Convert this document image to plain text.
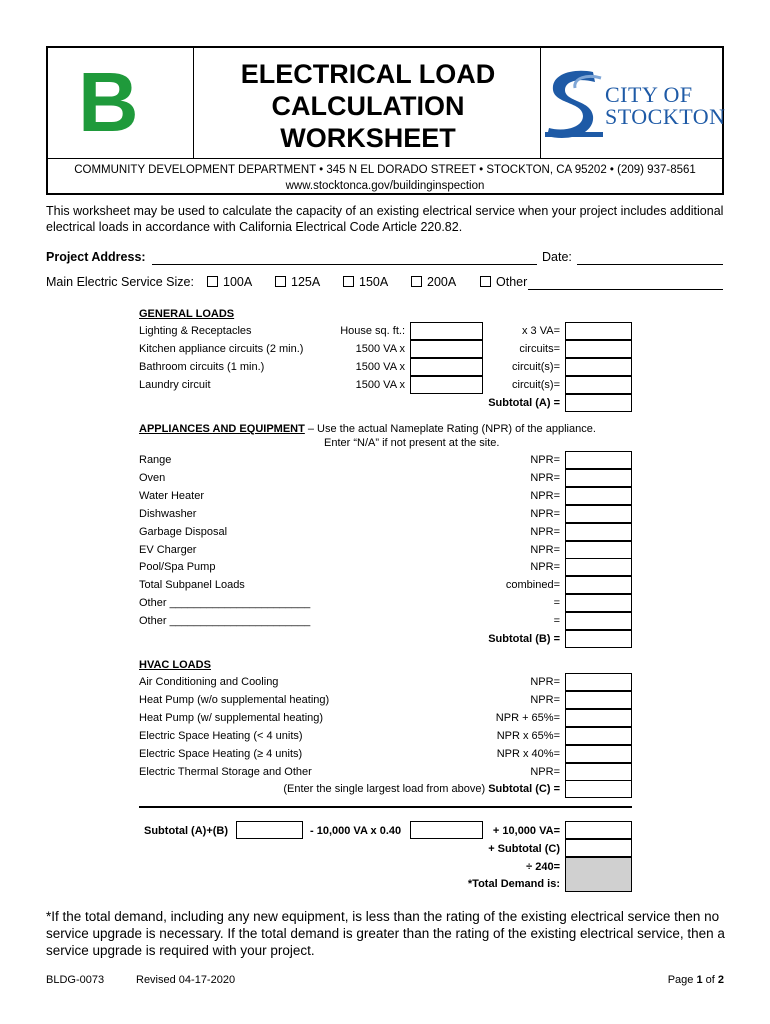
B	ELECTRICAL LOAD
CALCULATION
WORKSHEET
CITY OF
STOCKTON
COMMUNITY DEVELOPMENT DEPARTMENT • 345 N EL DORADO STREET • STOCKTON, CA 95202 • (209) 937-8561
www.stocktonca.gov/buildinginspection
This worksheet may be used to calculate the capacity of an existing electrical service when your project includes additional electrical loads in accordance with California Electrical Code Article 220.82.
Project Address:	Date:
Main Electric Service Size: 100A	125A	150A	200A	Other
GENERAL LOADS
Lighting & Receptacles	House sq. ft.:	x 3 VA=
Kitchen appliance circuits (2 min.)	1500 VA x	circuits=
Bathroom circuits (1 min.)	1500 VA x	circuit(s)=
Laundry circuit	1500 VA x	circuit(s)=
Subtotal (A) =
APPLIANCES AND EQUIPMENT – Use the actual Nameplate Rating (NPR) of the appliance.
Enter “N/A” if not present at the site.
Range	NPR=
Oven	NPR=
Water Heater	NPR=
Dishwasher	NPR=
Garbage Disposal	NPR=
EV Charger	NPR=
Pool/Spa Pump	NPR=
Total Subpanel Loads	combined=
Other _______________________	=
Other _______________________	=
Subtotal (B) =
HVAC LOADS
Air Conditioning and Cooling	NPR=
Heat Pump (w/o supplemental heating)	NPR=
Heat Pump (w/ supplemental heating)	NPR + 65%=
Electric Space Heating (< 4 units)	NPR x 65%=
Electric Space Heating (≥ 4 units)	NPR x 40%=
Electric Thermal Storage and Other	NPR=
(Enter the single largest load from above) Subtotal (C) =
Subtotal (A)+(B)	- 10,000 VA x 0.40	+ 10,000 VA=
+ Subtotal (C)
÷ 240=
*Total Demand is:
*If the total demand, including any new equipment, is less than the rating of the existing electrical service then no service upgrade is necessary. If the total demand is greater than the rating of the existing electrical service, then a service upgrade is required with your project.
BLDG-0073	Revised 04-17-2020	Page 1 of 2
